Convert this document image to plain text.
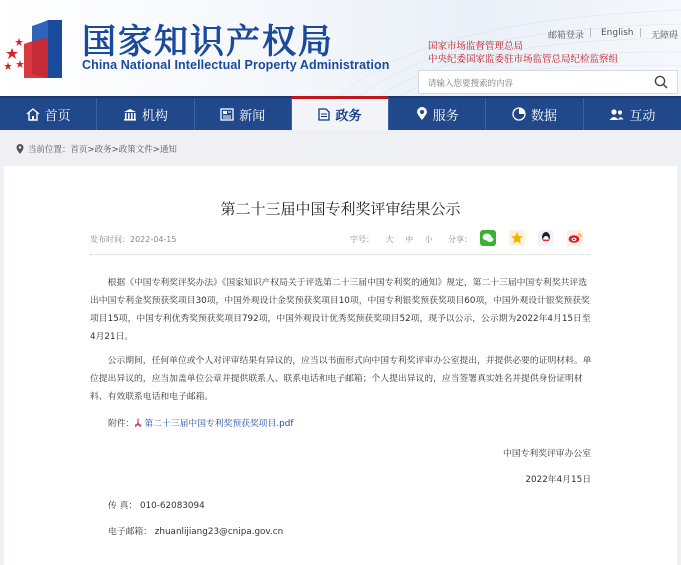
国家知识产权局
China National Intellectual Property Administration
邮箱登录 | English | 无障碍
国家市场监督管理总局
中央纪委国家监委驻市场监管总局纪检监察组
请输入您要搜索的内容
首页	机构	新闻	政务	服务	数据	互动
当前位置： 首页>政务>政策文件>通知
第二十三届中国专利奖评审结果公示
发布时间：2022-04-15	字号： 大 中 小	分享：

根据《中国专利奖评奖办法》《国家知识产权局关于评选第二十三届中国专利奖的通知》规定，第二十三届中国专利奖共评选出中国专利金奖预获奖项目30项，中国外观设计金奖预获奖项目10项，中国专利银奖预获奖项目60项，中国外观设计银奖预获奖项目15项，中国专利优秀奖预获奖项目792项，中国外观设计优秀奖预获奖项目52项，现予以公示，公示期为2022年4月15日至4月21日。

公示期间，任何单位或个人对评审结果有异议的，应当以书面形式向中国专利奖评审办公室提出，并提供必要的证明材料。单位提出异议的，应当加盖单位公章并提供联系人、联系电话和电子邮箱；个人提出异议的，应当签署真实姓名并提供身份证明材料、有效联系电话和电子邮箱。

附件： 第二十三届中国专利奖预获奖项目.pdf
中国专利奖评审办公室
2022年4月15日
传 真： 010-62083094
电子邮箱： zhuanlijiang23@cnipa.gov.cn
